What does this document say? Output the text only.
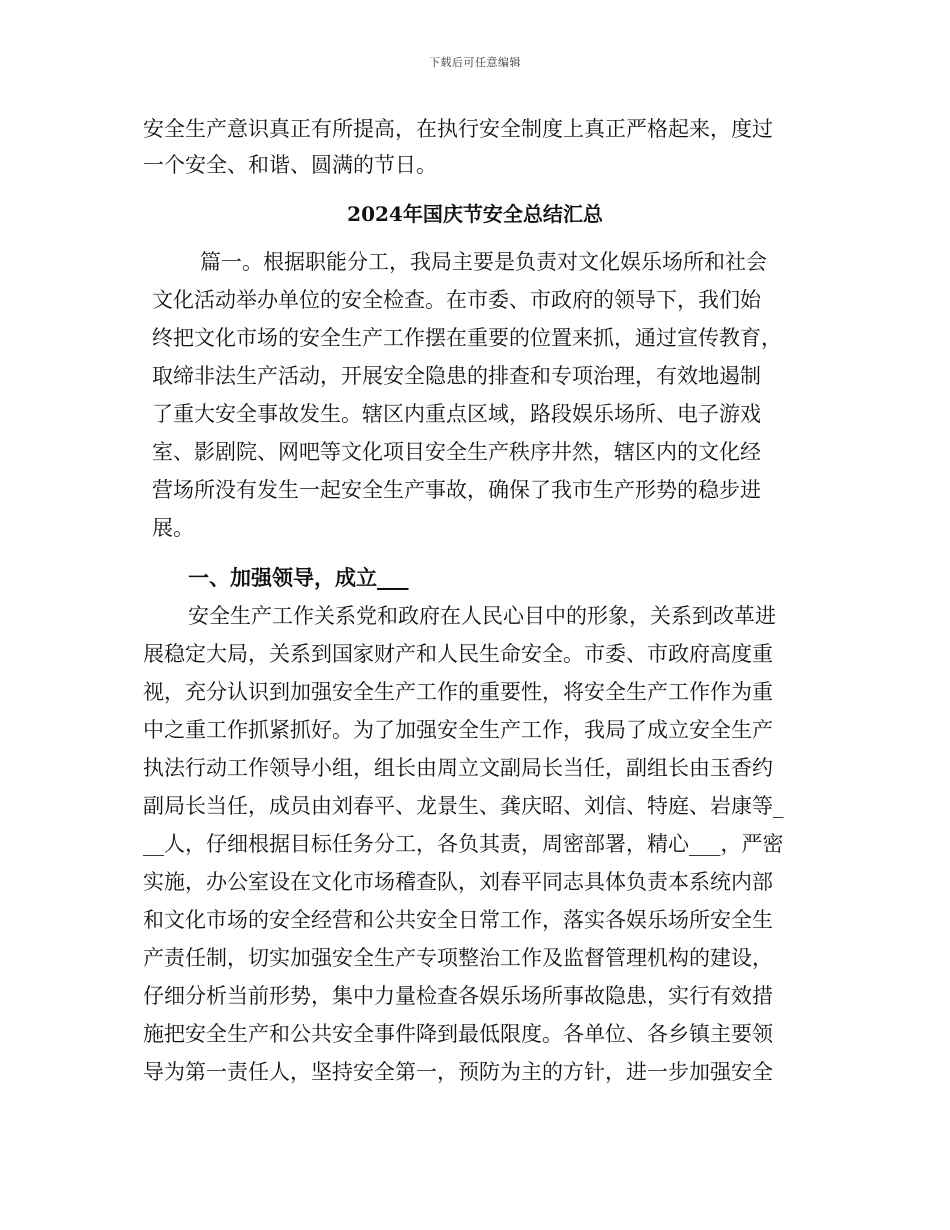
下载后可任意编辑
安全生产意识真正有所提高，在执行安全制度上真正严格起来，度过
一个安全、和谐、圆满的节日。
2024年国庆节安全总结汇总
篇一。根据职能分工，我局主要是负责对文化娱乐场所和社会
文化活动举办单位的安全检查。在市委、市政府的领导下，我们始
终把文化市场的安全生产工作摆在重要的位置来抓，通过宣传教育，
取缔非法生产活动，开展安全隐患的排查和专项治理，有效地遏制
了重大安全事故发生。辖区内重点区域，路段娱乐场所、电子游戏
室、影剧院、网吧等文化项目安全生产秩序井然，辖区内的文化经
营场所没有发生一起安全生产事故，确保了我市生产形势的稳步进
展。
一、加强领导，成立___
安全生产工作关系党和政府在人民心目中的形象，关系到改革进
展稳定大局，关系到国家财产和人民生命安全。市委、市政府高度重
视，充分认识到加强安全生产工作的重要性，将安全生产工作作为重
中之重工作抓紧抓好。为了加强安全生产工作，我局了成立安全生产
执法行动工作领导小组，组长由周立文副局长当任，副组长由玉香约
副局长当任，成员由刘春平、龙景生、龚庆昭、刘信、特庭、岩康等_
__人，仔细根据目标任务分工，各负其责，周密部署，精心___，严密
实施，办公室设在文化市场稽查队，刘春平同志具体负责本系统内部
和文化市场的安全经营和公共安全日常工作，落实各娱乐场所安全生
产责任制，切实加强安全生产专项整治工作及监督管理机构的建设，
仔细分析当前形势，集中力量检查各娱乐场所事故隐患，实行有效措
施把安全生产和公共安全事件降到最低限度。各单位、各乡镇主要领
导为第一责任人，坚持安全第一，预防为主的方针，进一步加强安全
